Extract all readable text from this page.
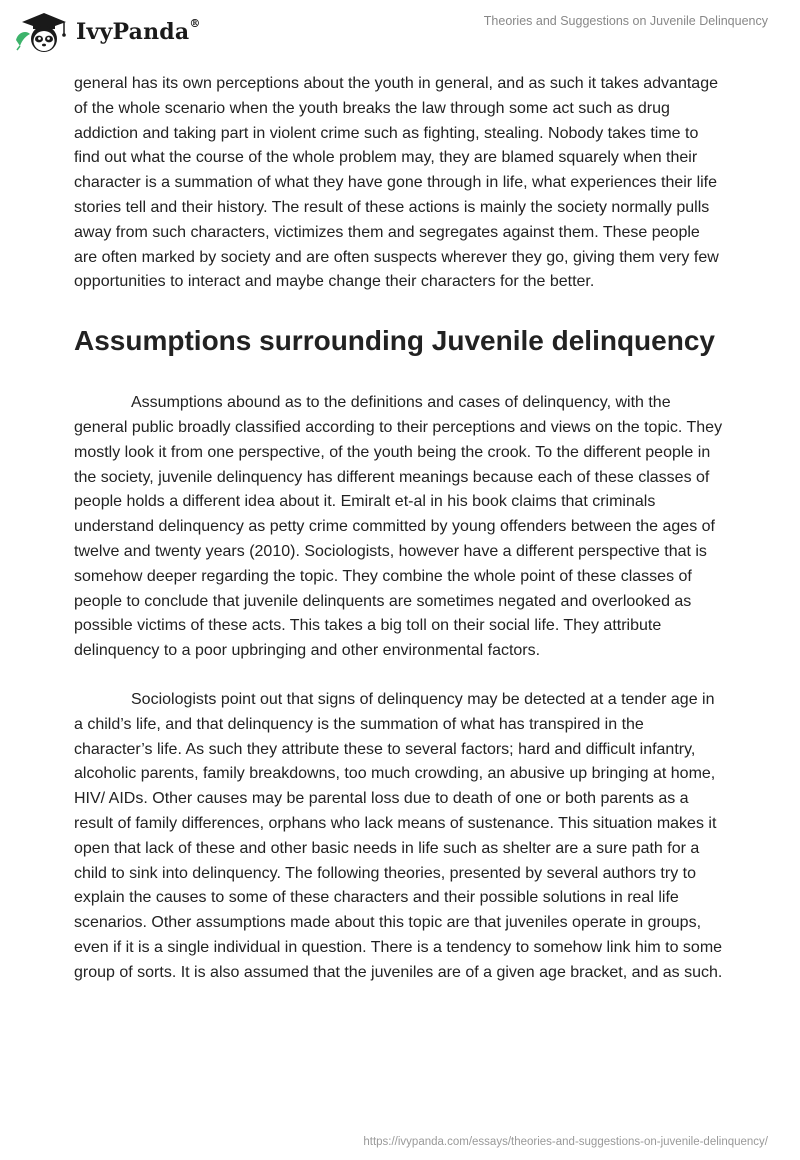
IvyPanda®	Theories and Suggestions on Juvenile Delinquency

general has its own perceptions about the youth in general, and as such it takes advantage of the whole scenario when the youth breaks the law through some act such as drug addiction and taking part in violent crime such as fighting, stealing. Nobody takes time to find out what the course of the whole problem may, they are blamed squarely when their character is a summation of what they have gone through in life, what experiences their life stories tell and their history. The result of these actions is mainly the society normally pulls away from such characters, victimizes them and segregates against them. These people are often marked by society and are often suspects wherever they go, giving them very few opportunities to interact and maybe change their characters for the better.

Assumptions surrounding Juvenile delinquency

Assumptions abound as to the definitions and cases of delinquency, with the general public broadly classified according to their perceptions and views on the topic. They mostly look it from one perspective, of the youth being the crook. To the different people in the society, juvenile delinquency has different meanings because each of these classes of people holds a different idea about it. Emiralt et-al in his book claims that criminals understand delinquency as petty crime committed by young offenders between the ages of twelve and twenty years (2010). Sociologists, however have a different perspective that is somehow deeper regarding the topic. They combine the whole point of these classes of people to conclude that juvenile delinquents are sometimes negated and overlooked as possible victims of these acts. This takes a big toll on their social life. They attribute delinquency to a poor upbringing and other environmental factors.

Sociologists point out that signs of delinquency may be detected at a tender age in a child’s life, and that delinquency is the summation of what has transpired in the character’s life. As such they attribute these to several factors; hard and difficult infantry, alcoholic parents, family breakdowns, too much crowding, an abusive up bringing at home, HIV/ AIDs. Other causes may be parental loss due to death of one or both parents as a result of family differences, orphans who lack means of sustenance. This situation makes it open that lack of these and other basic needs in life such as shelter are a sure path for a child to sink into delinquency. The following theories, presented by several authors try to explain the causes to some of these characters and their possible solutions in real life scenarios. Other assumptions made about this topic are that juveniles operate in groups, even if it is a single individual in question. There is a tendency to somehow link him to some group of sorts. It is also assumed that the juveniles are of a given age bracket, and as such.

https://ivypanda.com/essays/theories-and-suggestions-on-juvenile-delinquency/
